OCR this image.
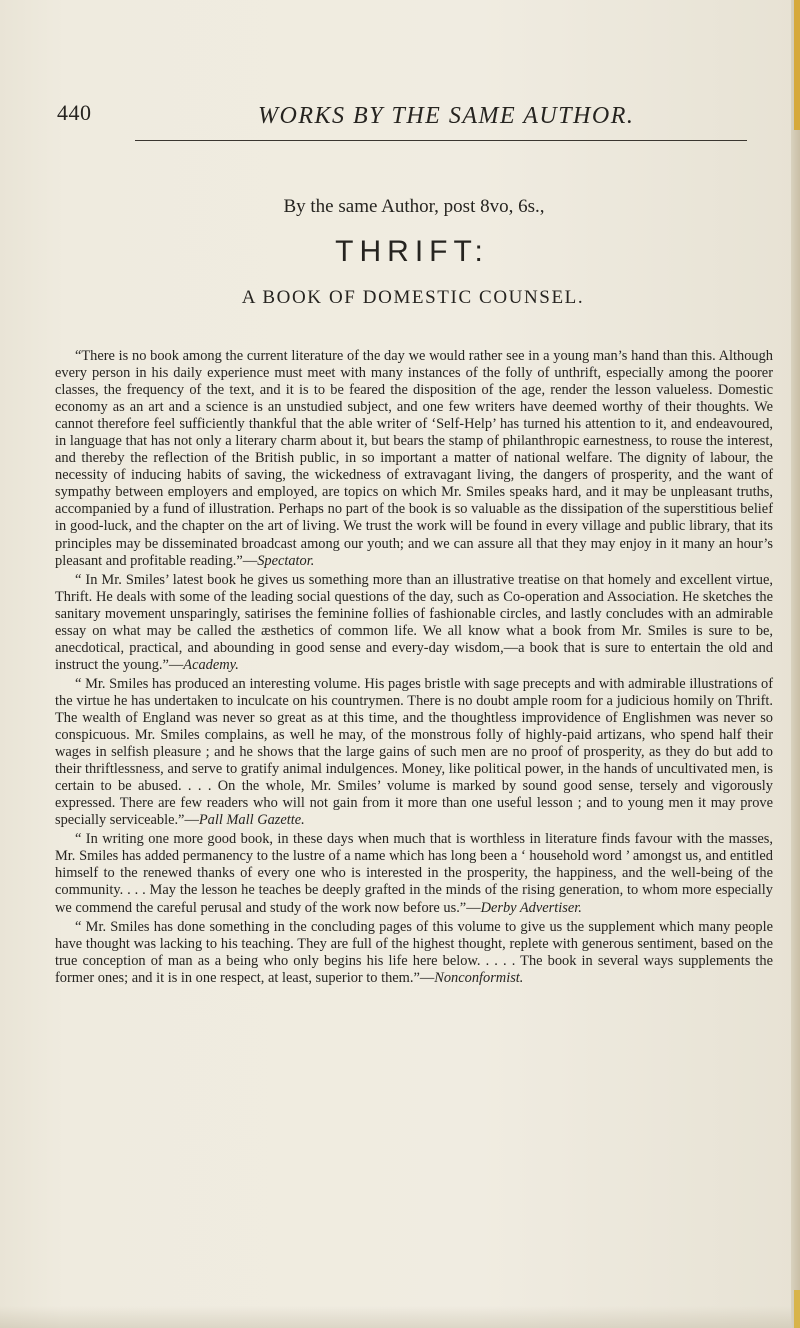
440	WORKS BY THE SAME AUTHOR.
By the same Author, post 8vo, 6s.,
THRIFT:
A BOOK OF DOMESTIC COUNSEL.

“There is no book among the current literature of the day we would rather see in a young man’s hand than this. Although every person in his daily experience must meet with many instances of the folly of unthrift, especially among the poorer classes, the frequency of the text, and it is to be feared the disposition of the age, render the lesson valueless. Domestic economy as an art and a science is an unstudied subject, and one few writers have deemed worthy of their thoughts. We cannot therefore feel sufficiently thankful that the able writer of ‘Self-Help’ has turned his attention to it, and endeavoured, in language that has not only a literary charm about it, but bears the stamp of philanthropic earnestness, to rouse the interest, and thereby the reflection of the British public, in so important a matter of national welfare. The dignity of labour, the necessity of inducing habits of saving, the wickedness of extravagant living, the dangers of prosperity, and the want of sympathy between employers and employed, are topics on which Mr. Smiles speaks hard, and it may be unpleasant truths, accompanied by a fund of illustration. Perhaps no part of the book is so valuable as the dissipation of the superstitious belief in good-luck, and the chapter on the art of living. We trust the work will be found in every village and public library, that its principles may be disseminated broadcast among our youth; and we can assure all that they may enjoy in it many an hour’s pleasant and profitable reading.”—Spectator.

“ In Mr. Smiles’ latest book he gives us something more than an illustrative treatise on that homely and excellent virtue, Thrift. He deals with some of the leading social questions of the day, such as Co-operation and Association. He sketches the sanitary movement unsparingly, satirises the feminine follies of fashionable circles, and lastly concludes with an admirable essay on what may be called the æsthetics of common life. We all know what a book from Mr. Smiles is sure to be, anecdotical, practical, and abounding in good sense and every-day wisdom,—a book that is sure to entertain the old and instruct the young.”—Academy.

“ Mr. Smiles has produced an interesting volume. His pages bristle with sage precepts and with admirable illustrations of the virtue he has undertaken to inculcate on his countrymen. There is no doubt ample room for a judicious homily on Thrift. The wealth of England was never so great as at this time, and the thoughtless improvidence of Englishmen was never so conspicuous. Mr. Smiles complains, as well he may, of the monstrous folly of highly-paid artizans, who spend half their wages in selfish pleasure ; and he shows that the large gains of such men are no proof of prosperity, as they do but add to their thriftlessness, and serve to gratify animal indulgences. Money, like political power, in the hands of uncultivated men, is certain to be abused. . . . On the whole, Mr. Smiles’ volume is marked by sound good sense, tersely and vigorously expressed. There are few readers who will not gain from it more than one useful lesson ; and to young men it may prove specially serviceable.”—Pall Mall Gazette.

“ In writing one more good book, in these days when much that is worthless in literature finds favour with the masses, Mr. Smiles has added permanency to the lustre of a name which has long been a ‘ household word ’ amongst us, and entitled himself to the renewed thanks of every one who is interested in the prosperity, the happiness, and the well-being of the community. . . . May the lesson he teaches be deeply grafted in the minds of the rising generation, to whom more especially we commend the careful perusal and study of the work now before us.”—Derby Advertiser.

“ Mr. Smiles has done something in the concluding pages of this volume to give us the supplement which many people have thought was lacking to his teaching. They are full of the highest thought, replete with generous sentiment, based on the true conception of man as a being who only begins his life here below. . . . . The book in several ways supplements the former ones; and it is in one respect, at least, superior to them.”—Nonconformist.
